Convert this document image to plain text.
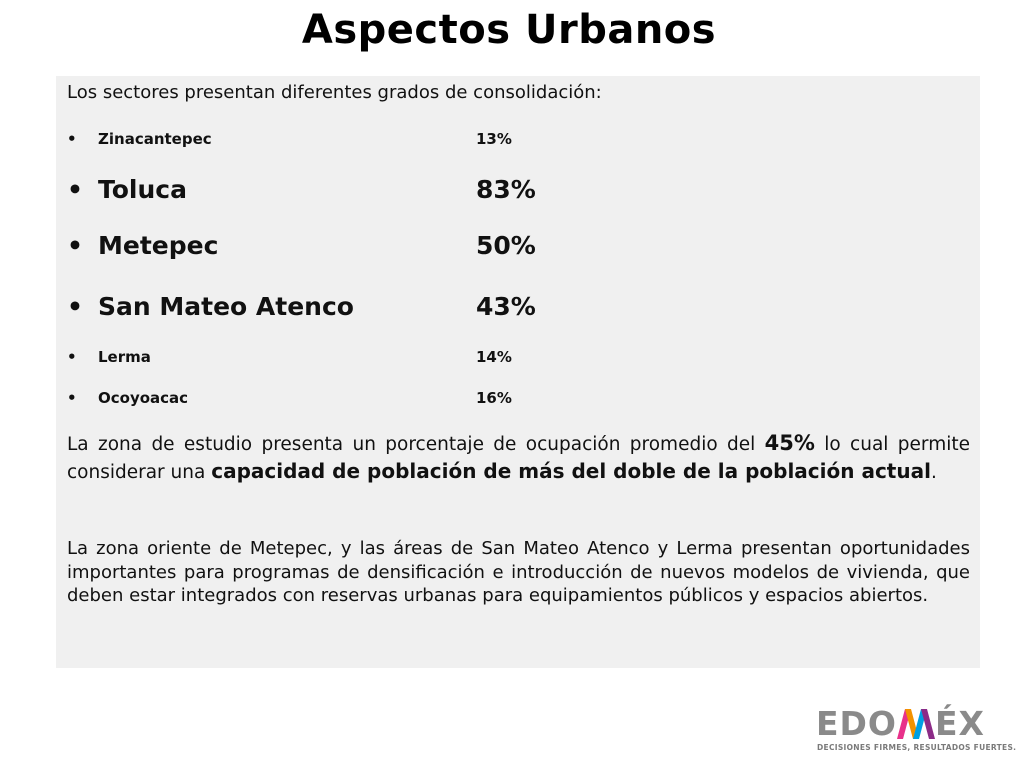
Aspectos Urbanos
Los sectores presentan diferentes grados de consolidación:
• Zinacantepec	13%
• Toluca	83%
• Metepec	50%
• San Mateo Atenco	43%
• Lerma	14%
• Ocoyoacac	16%
La zona de estudio presenta un porcentaje de ocupación promedio del 45% lo cual permite considerar una capacidad de población de más del doble de la población actual.
La zona oriente de Metepec, y las áreas de San Mateo Atenco y Lerma presentan oportunidades importantes para programas de densificación e introducción de nuevos modelos de vivienda, que deben estar integrados con reservas urbanas para equipamientos públicos y espacios abiertos.
EDO ÉX
DECISIONES FIRMES, RESULTADOS FUERTES.
